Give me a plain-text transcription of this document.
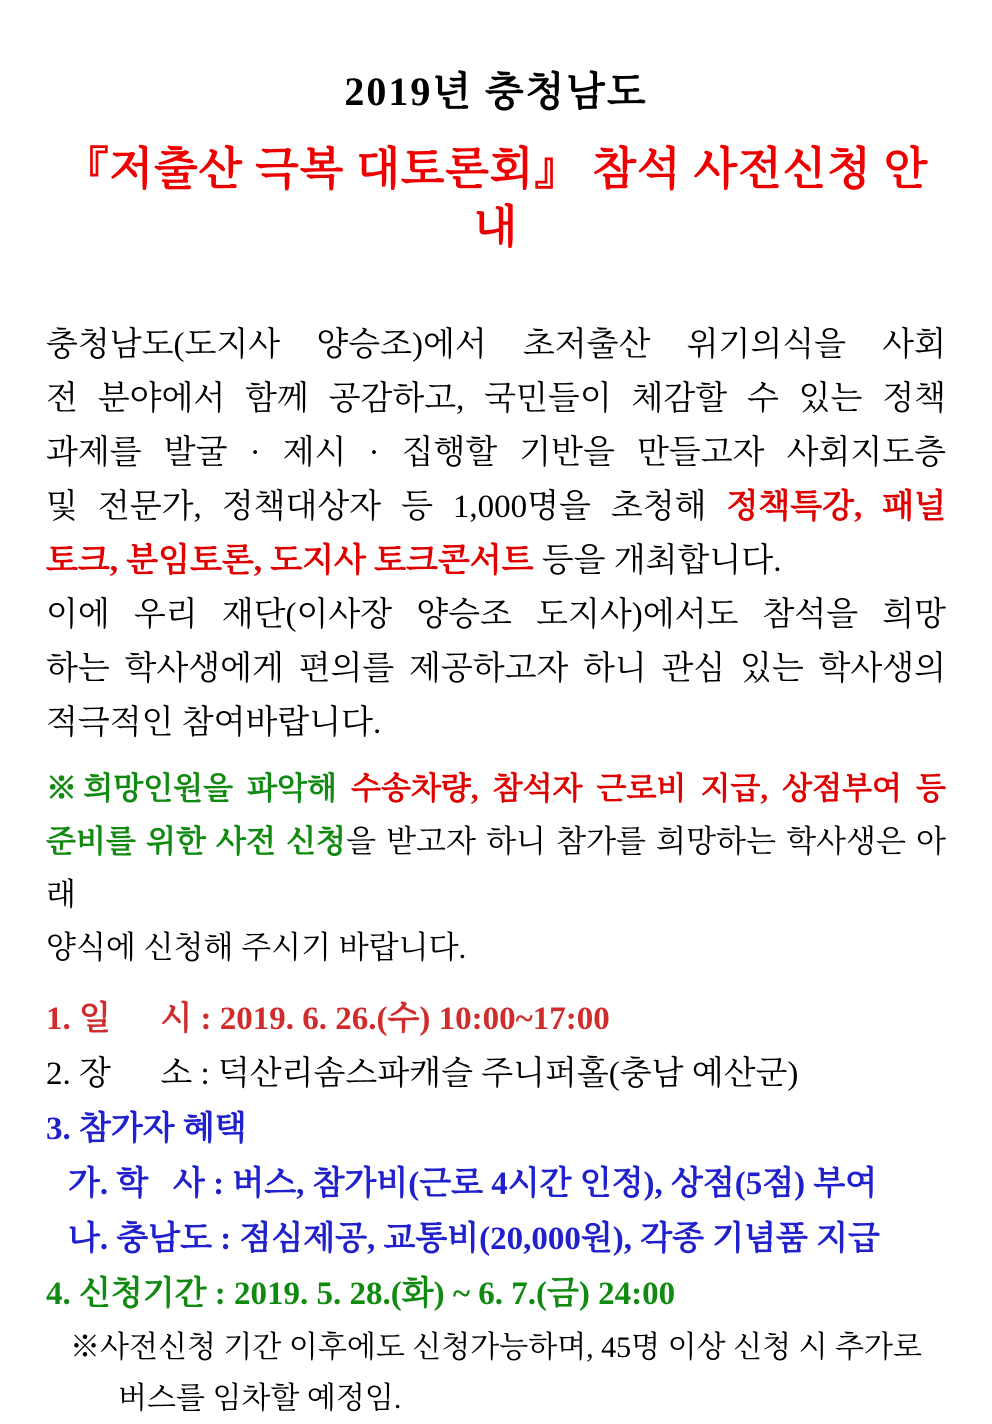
2019년 충청남도
『저출산 극복 대토론회』 참석 사전신청 안내
충청남도(도지사 양승조)에서 초저출산 위기의식을 사회
전 분야에서 함께 공감하고, 국민들이 체감할 수 있는 정책
과제를 발굴 · 제시 · 집행할 기반을 만들고자 사회지도층
및 전문가, 정책대상자 등 1,000명을 초청해 정책특강, 패널
토크, 분임토론, 도지사 토크콘서트 등을 개최합니다.
이에 우리 재단(이사장 양승조 도지사)에서도 참석을 희망
하는 학사생에게 편의를 제공하고자 하니 관심 있는 학사생의
적극적인 참여바랍니다.
※희망인원을 파악해 수송차량, 참석자 근로비 지급, 상점부여 등
준비를 위한 사전 신청을 받고자 하니 참가를 희망하는 학사생은 아래
양식에 신청해 주시기 바랍니다.
1. 일      시 : 2019. 6. 26.(수) 10:00~17:00
2. 장      소 : 덕산리솜스파캐슬 주니퍼홀(충남 예산군)
3. 참가자 혜택
가. 학   사 : 버스, 참가비(근로 4시간 인정), 상점(5점) 부여
나. 충남도 : 점심제공, 교통비(20,000원), 각종 기념품 지급
4. 신청기간 : 2019. 5. 28.(화) ~ 6. 7.(금) 24:00
※사전신청 기간 이후에도 신청가능하며, 45명 이상 신청 시 추가로
버스를 임차할 예정임.
